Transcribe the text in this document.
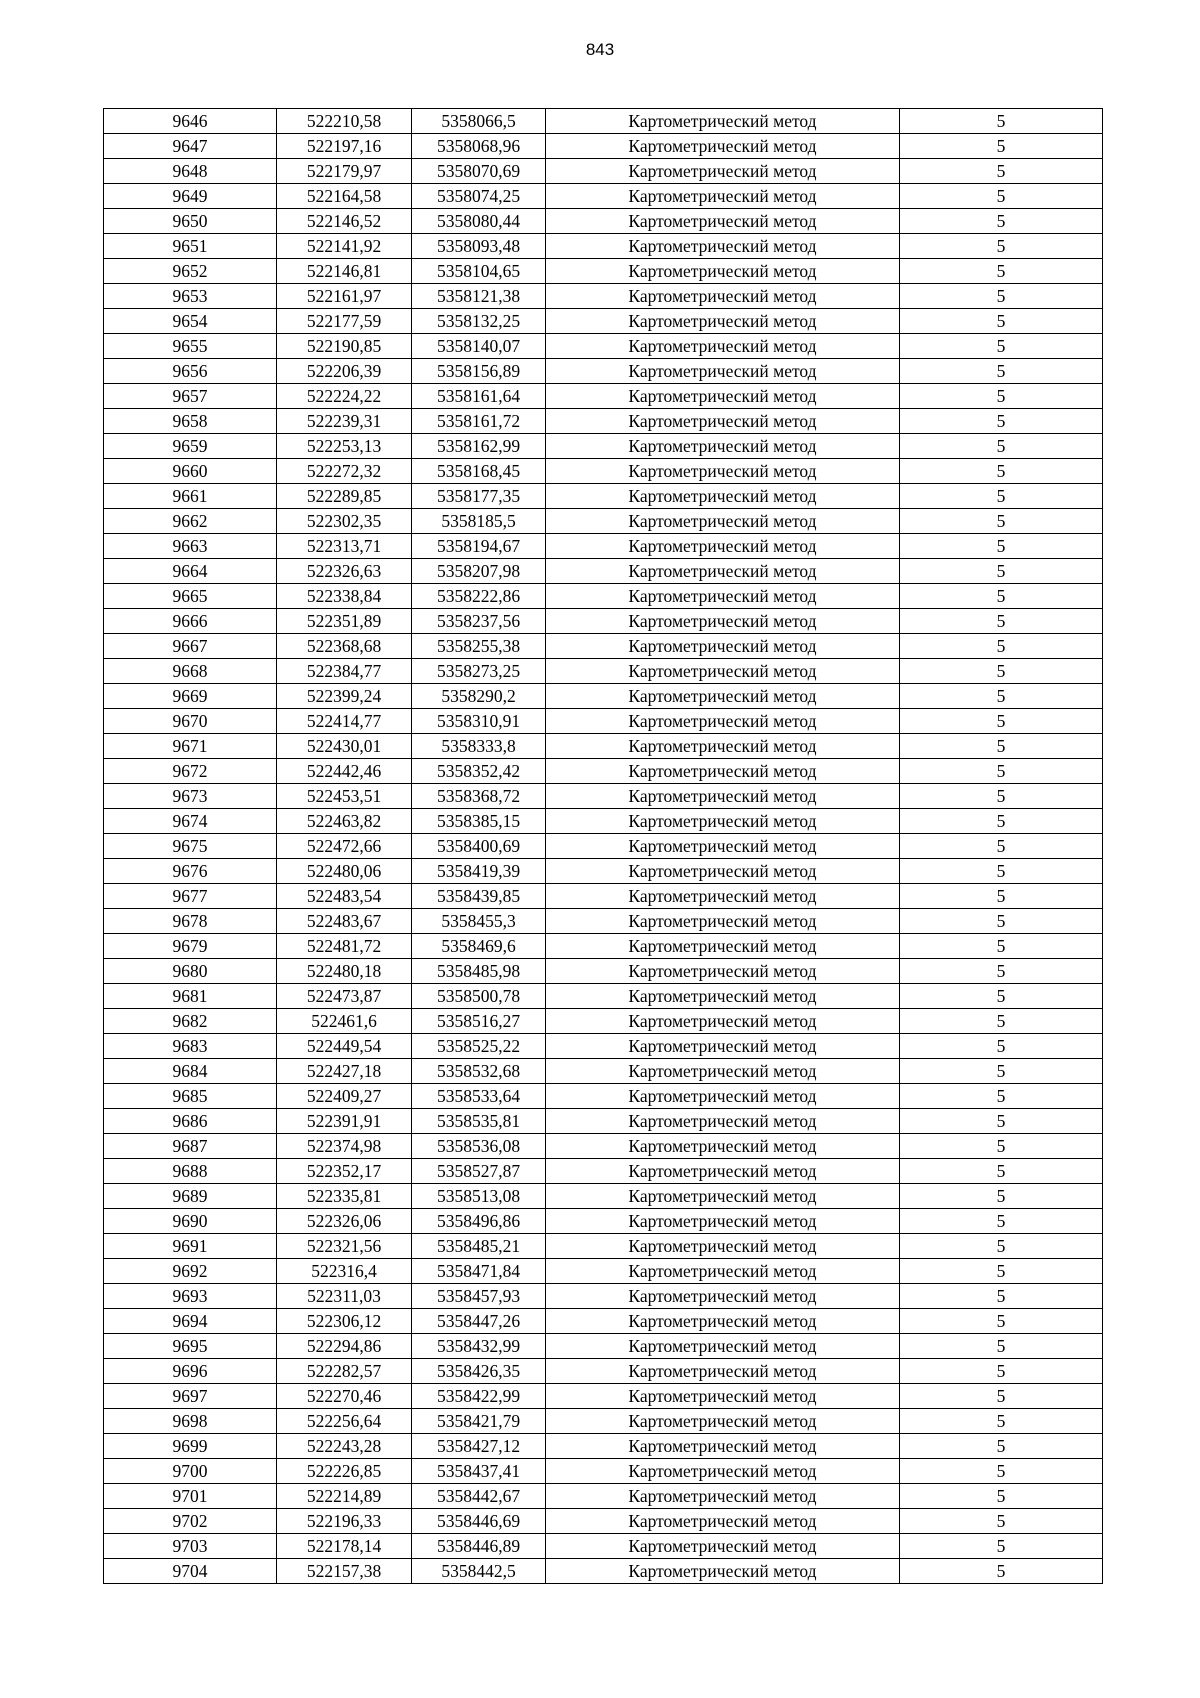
843
9646	522210,58	5358066,5	Картометрический метод	5
9647	522197,16	5358068,96	Картометрический метод	5
9648	522179,97	5358070,69	Картометрический метод	5
9649	522164,58	5358074,25	Картометрический метод	5
9650	522146,52	5358080,44	Картометрический метод	5
9651	522141,92	5358093,48	Картометрический метод	5
9652	522146,81	5358104,65	Картометрический метод	5
9653	522161,97	5358121,38	Картометрический метод	5
9654	522177,59	5358132,25	Картометрический метод	5
9655	522190,85	5358140,07	Картометрический метод	5
9656	522206,39	5358156,89	Картометрический метод	5
9657	522224,22	5358161,64	Картометрический метод	5
9658	522239,31	5358161,72	Картометрический метод	5
9659	522253,13	5358162,99	Картометрический метод	5
9660	522272,32	5358168,45	Картометрический метод	5
9661	522289,85	5358177,35	Картометрический метод	5
9662	522302,35	5358185,5	Картометрический метод	5
9663	522313,71	5358194,67	Картометрический метод	5
9664	522326,63	5358207,98	Картометрический метод	5
9665	522338,84	5358222,86	Картометрический метод	5
9666	522351,89	5358237,56	Картометрический метод	5
9667	522368,68	5358255,38	Картометрический метод	5
9668	522384,77	5358273,25	Картометрический метод	5
9669	522399,24	5358290,2	Картометрический метод	5
9670	522414,77	5358310,91	Картометрический метод	5
9671	522430,01	5358333,8	Картометрический метод	5
9672	522442,46	5358352,42	Картометрический метод	5
9673	522453,51	5358368,72	Картометрический метод	5
9674	522463,82	5358385,15	Картометрический метод	5
9675	522472,66	5358400,69	Картометрический метод	5
9676	522480,06	5358419,39	Картометрический метод	5
9677	522483,54	5358439,85	Картометрический метод	5
9678	522483,67	5358455,3	Картометрический метод	5
9679	522481,72	5358469,6	Картометрический метод	5
9680	522480,18	5358485,98	Картометрический метод	5
9681	522473,87	5358500,78	Картометрический метод	5
9682	522461,6	5358516,27	Картометрический метод	5
9683	522449,54	5358525,22	Картометрический метод	5
9684	522427,18	5358532,68	Картометрический метод	5
9685	522409,27	5358533,64	Картометрический метод	5
9686	522391,91	5358535,81	Картометрический метод	5
9687	522374,98	5358536,08	Картометрический метод	5
9688	522352,17	5358527,87	Картометрический метод	5
9689	522335,81	5358513,08	Картометрический метод	5
9690	522326,06	5358496,86	Картометрический метод	5
9691	522321,56	5358485,21	Картометрический метод	5
9692	522316,4	5358471,84	Картометрический метод	5
9693	522311,03	5358457,93	Картометрический метод	5
9694	522306,12	5358447,26	Картометрический метод	5
9695	522294,86	5358432,99	Картометрический метод	5
9696	522282,57	5358426,35	Картометрический метод	5
9697	522270,46	5358422,99	Картометрический метод	5
9698	522256,64	5358421,79	Картометрический метод	5
9699	522243,28	5358427,12	Картометрический метод	5
9700	522226,85	5358437,41	Картометрический метод	5
9701	522214,89	5358442,67	Картометрический метод	5
9702	522196,33	5358446,69	Картометрический метод	5
9703	522178,14	5358446,89	Картометрический метод	5
9704	522157,38	5358442,5	Картометрический метод	5
